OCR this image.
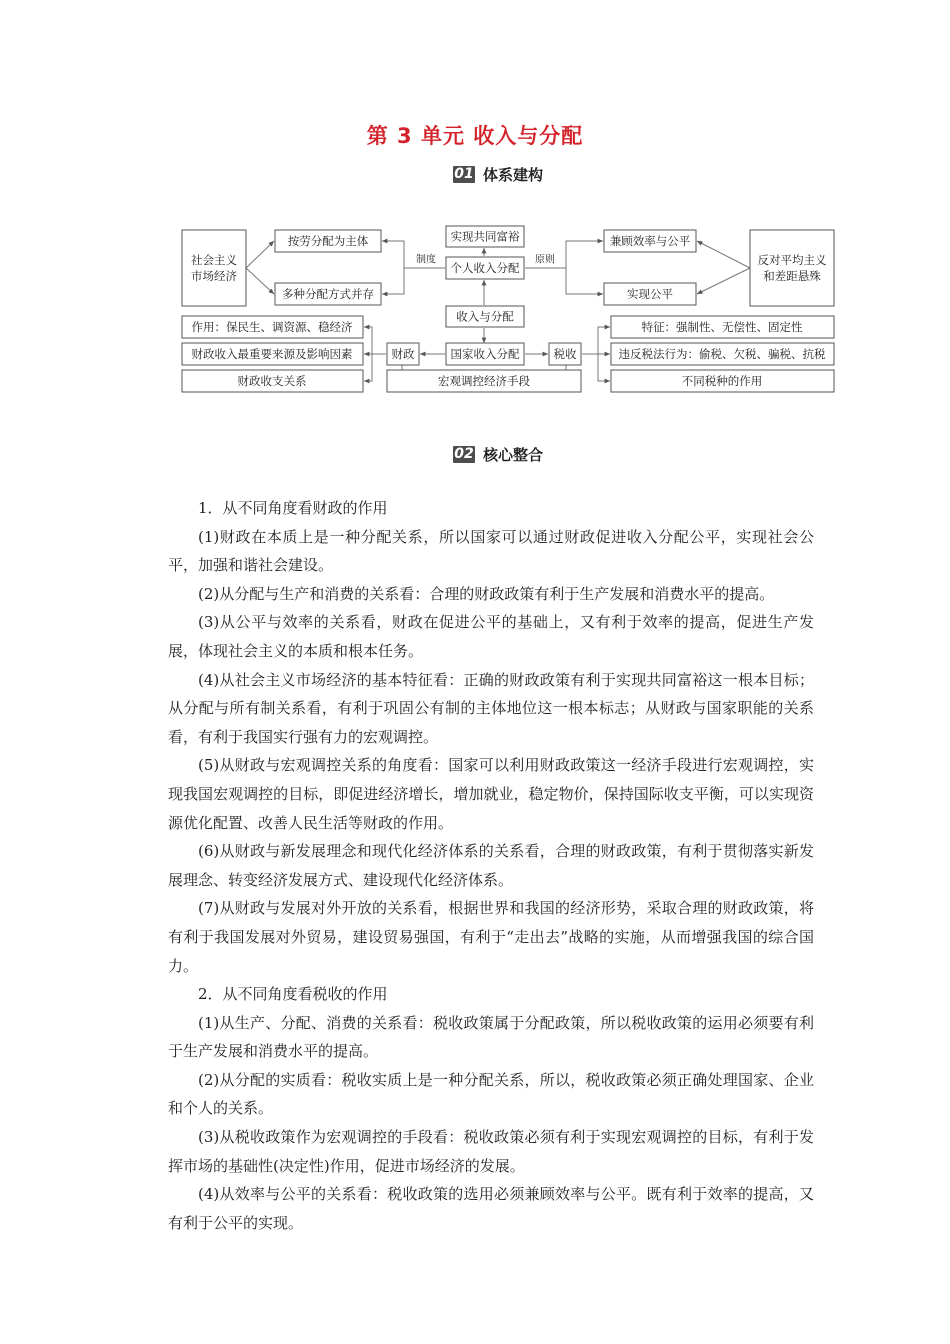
第 3 单元 收入与分配
01 体系建构
社会主义
市场经济
按劳分配为主体
多种分配方式并存
实现共同富裕
个人收入分配
收入与分配
制度	原则
兼顾效率与公平
实现公平
反对平均主义
和差距悬殊
作用：保民生、调资源、稳经济
财政收入最重要来源及影响因素
财政收支关系
财政	国家收入分配	税收
宏观调控经济手段
特征：强制性、无偿性、固定性
违反税法行为：偷税、欠税、骗税、抗税
不同税种的作用
02 核心整合

1．从不同角度看财政的作用

(1)财政在本质上是一种分配关系，所以国家可以通过财政促进收入分配公平，实现社会公平，加强和谐社会建设。

(2)从分配与生产和消费的关系看：合理的财政政策有利于生产发展和消费水平的提高。

(3)从公平与效率的关系看，财政在促进公平的基础上，又有利于效率的提高，促进生产发展，体现社会主义的本质和根本任务。

(4)从社会主义市场经济的基本特征看：正确的财政政策有利于实现共同富裕这一根本目标；从分配与所有制关系看，有利于巩固公有制的主体地位这一根本标志；从财政与国家职能的关系看，有利于我国实行强有力的宏观调控。

(5)从财政与宏观调控关系的角度看：国家可以利用财政政策这一经济手段进行宏观调控，实现我国宏观调控的目标，即促进经济增长，增加就业，稳定物价，保持国际收支平衡，可以实现资源优化配置、改善人民生活等财政的作用。

(6)从财政与新发展理念和现代化经济体系的关系看，合理的财政政策，有利于贯彻落实新发展理念、转变经济发展方式、建设现代化经济体系。

(7)从财政与发展对外开放的关系看，根据世界和我国的经济形势，采取合理的财政政策，将有利于我国发展对外贸易，建设贸易强国，有利于“走出去”战略的实施，从而增强我国的综合国力。

2．从不同角度看税收的作用

(1)从生产、分配、消费的关系看：税收政策属于分配政策，所以税收政策的运用必须要有利于生产发展和消费水平的提高。

(2)从分配的实质看：税收实质上是一种分配关系，所以，税收政策必须正确处理国家、企业和个人的关系。

(3)从税收政策作为宏观调控的手段看：税收政策必须有利于实现宏观调控的目标，有利于发挥市场的基础性(决定性)作用，促进市场经济的发展。

(4)从效率与公平的关系看：税收政策的选用必须兼顾效率与公平。既有利于效率的提高，又有利于公平的实现。
